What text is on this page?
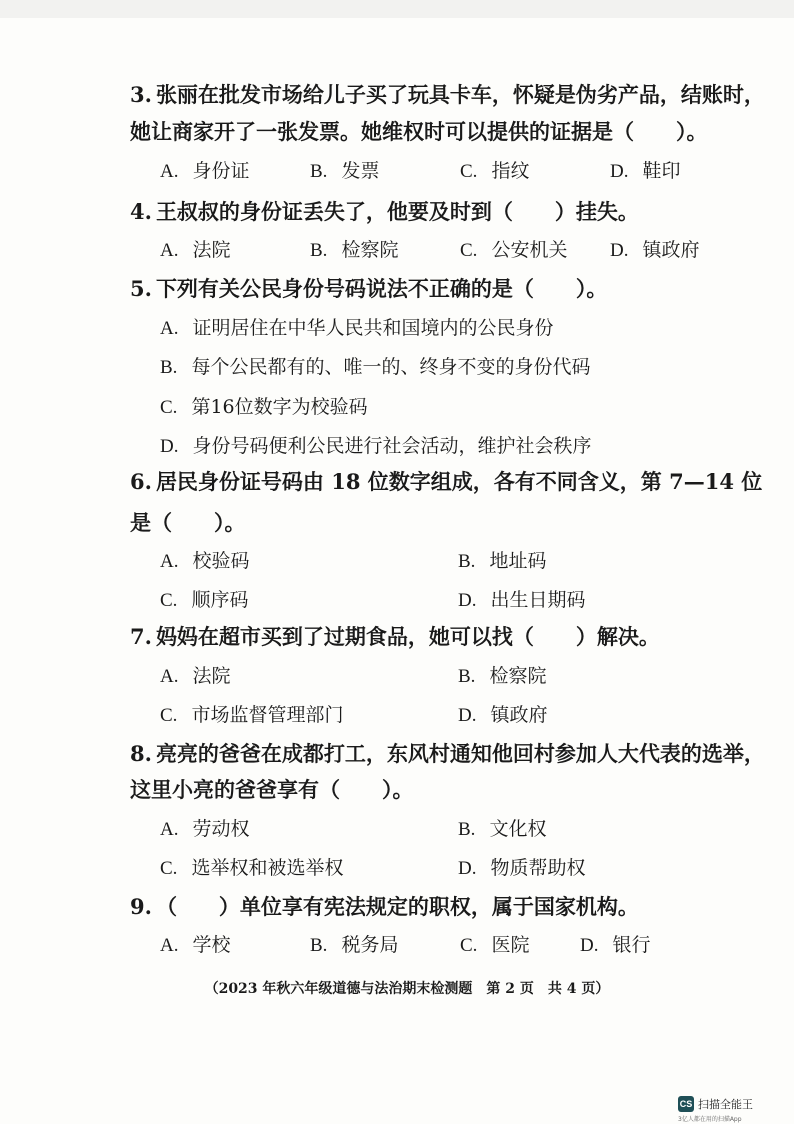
3. 张丽在批发市场给儿子买了玩具卡车，怀疑是伪劣产品，结账时，
她让商家开了一张发票。她维权时可以提供的证据是（　　）。
A. 身份证	B. 发票	C. 指纹	D. 鞋印
4. 王叔叔的身份证丢失了，他要及时到（　　）挂失。
A. 法院	B. 检察院	C. 公安机关 D. 镇政府
5. 下列有关公民身份号码说法不正确的是（　　）。
A. 证明居住在中华人民共和国境内的公民身份
B. 每个公民都有的、唯一的、终身不变的身份代码
C. 第16位数字为校验码
D. 身份号码便利公民进行社会活动，维护社会秩序
6. 居民身份证号码由 18 位数字组成，各有不同含义，第 7—14 位
是（　　）。
A. 校验码	B. 地址码
C. 顺序码	D. 出生日期码
7. 妈妈在超市买到了过期食品，她可以找（　　）解决。
A. 法院	B. 检察院
C. 市场监督管理部门	D. 镇政府
8. 亮亮的爸爸在成都打工，东风村通知他回村参加人大代表的选举，
这里小亮的爸爸享有（　　）。
A. 劳动权	B. 文化权
C. 选举权和被选举权	D. 物质帮助权
9. （　　）单位享有宪法规定的职权，属于国家机构。
A. 学校	B. 税务局	C. 医院	D. 银行
（2023 年秋六年级道德与法治期末检测题　第 2 页　共 4 页）
CS 扫描全能王
3亿人都在用的扫描App
